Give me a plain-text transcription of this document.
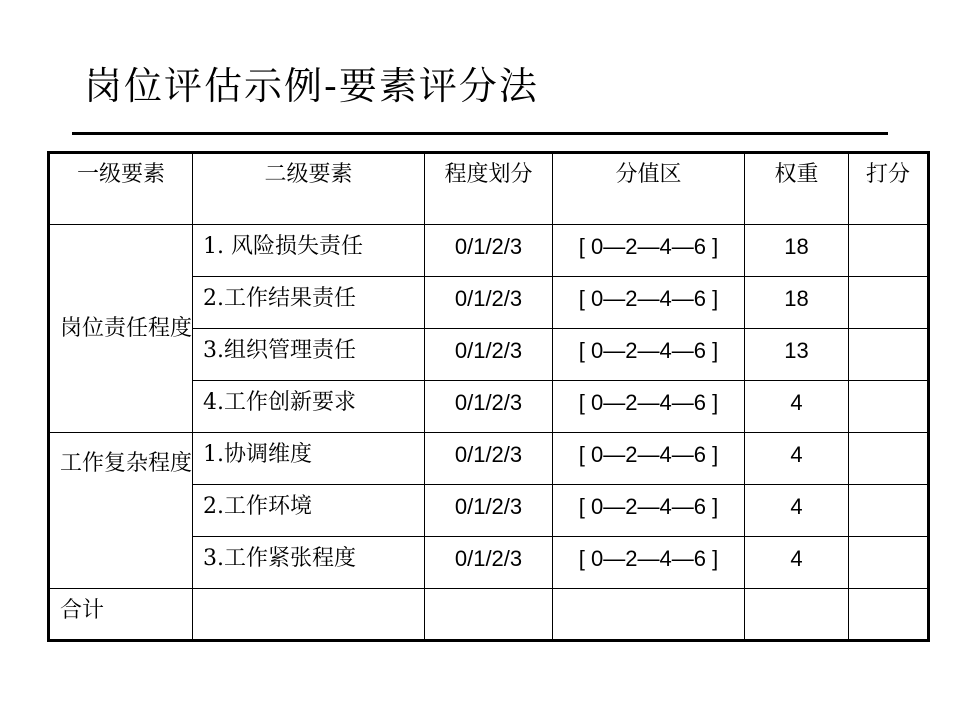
岗位评估示例-要素评分法
一级要素	二级要素	程度划分	分值区	权重	打分
岗位责任程度	1. 风险损失责任	0/1/2/3	[ 0—2—4—6 ]	18	
	2.工作结果责任	0/1/2/3	[ 0—2—4—6 ]	18	
	3.组织管理责任	0/1/2/3	[ 0—2—4—6 ]	13	
	4.工作创新要求	0/1/2/3	[ 0—2—4—6 ]	4	
工作复杂程度	1.协调维度	0/1/2/3	[ 0—2—4—6 ]	4	
	2.工作环境	0/1/2/3	[ 0—2—4—6 ]	4	
	3.工作紧张程度	0/1/2/3	[ 0—2—4—6 ]	4	
合计					
